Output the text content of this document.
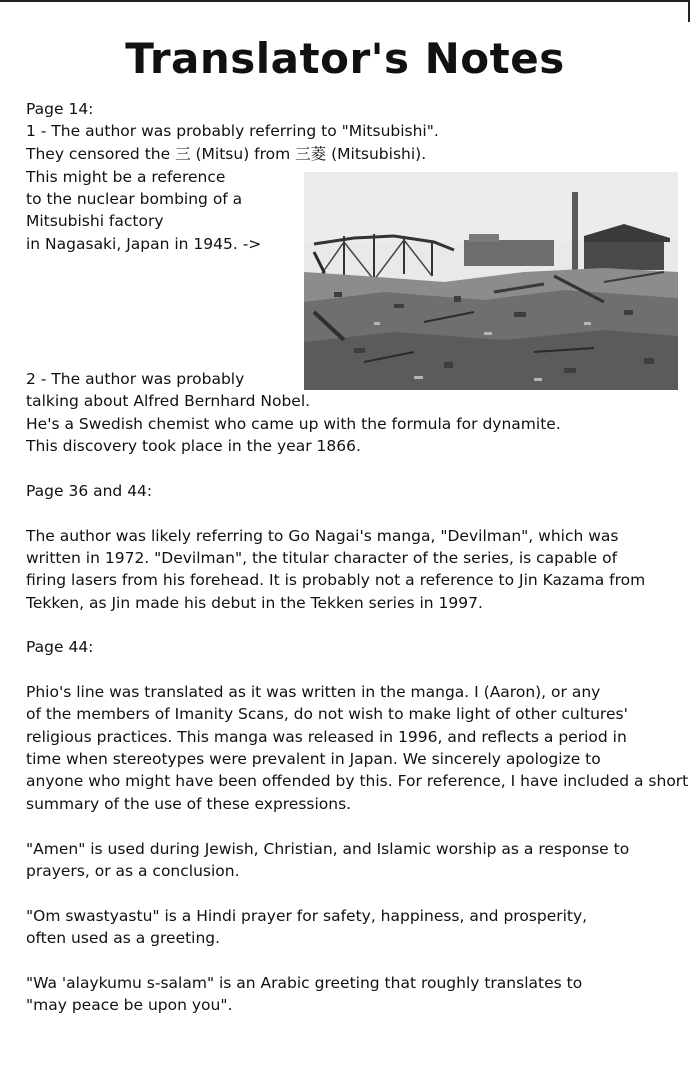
Translator's Notes

Page 14:

1 - The author was probably referring to "Mitsubishi".

They censored the 三 (Mitsu) from 三菱 (Mitsubishi).

This might be a reference

to the nuclear bombing of a

Mitsubishi factory

in Nagasaki, Japan in 1945. ->

2 - The author was probably

talking about Alfred Bernhard Nobel.

He's a Swedish chemist who came up with the formula for dynamite.

This discovery took place in the year 1866.

Page 36 and 44:

The author was likely referring to Go Nagai's manga, "Devilman", which was

written in 1972. "Devilman", the titular character of the series, is capable of

firing lasers from his forehead. It is probably not a reference to Jin Kazama from

Tekken, as Jin made his debut in the Tekken series in 1997.

Page 44:

Phio's line was translated as it was written in the manga. I (Aaron), or any

of the members of Imanity Scans, do not wish to make light of other cultures'

religious practices. This manga was released in 1996, and reflects a period in

time when stereotypes were prevalent in Japan. We sincerely apologize to

anyone who might have been offended by this. For reference, I have included a short

summary of the use of these expressions.

"Amen" is used during Jewish, Christian, and Islamic worship as a response to

prayers, or as a conclusion.

"Om swastyastu" is a Hindi prayer for safety, happiness, and prosperity,

often used as a greeting.

"Wa 'alaykumu s-salam" is an Arabic greeting that roughly translates to

"may peace be upon you".
